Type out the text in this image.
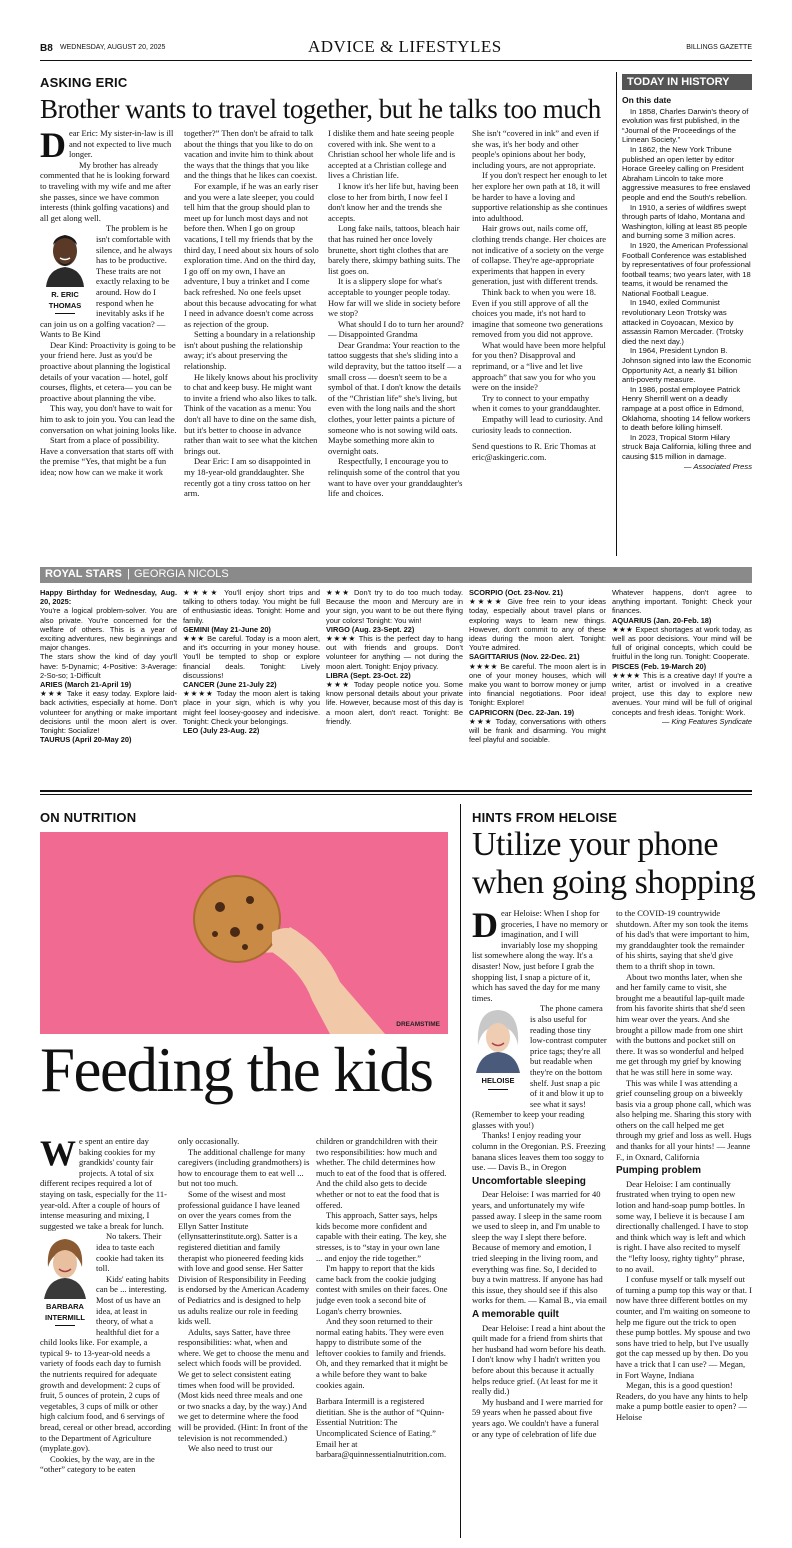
B8 WEDNESDAY, AUGUST 20, 2025	ADVICE & LIFESTYLES	BILLINGS GAZETTE
ASKING ERIC
Brother wants to travel together, but he talks too much
D ear Eric: My sister-in-law is ill and not expected to live much longer.

My brother has already commented that he is looking forward to traveling with my wife and me after she passes, since we have common interests (think golfing vacations) and all get along well.

R. ERIC THOMAS

The problem is he isn't comfortable with silence, and he always has to be productive. These traits are not exactly relaxing to be around. How do I respond when he inevitably asks if he can join us on a golfing vacation? — Wants to Be Kind

Dear Kind: Proactivity is going to be your friend here. Just as you'd be proactive about planning the logistical details of your vacation — hotel, golf courses, flights, et cetera— you can be proactive about planning the vibe.

This way, you don't have to wait for him to ask to join you. You can lead the conversation on what joining looks like.

Start from a place of possibility. Have a conversation that starts off with the premise “Yes, that might be a fun idea; now how can we make it work

together?” Then don't be afraid to talk about the things that you like to do on vacation and invite him to think about the ways that the things that you like and the things that he likes can coexist.

For example, if he was an early riser and you were a late sleeper, you could tell him that the group should plan to meet up for lunch most days and not before then. When I go on group vacations, I tell my friends that by the third day, I need about six hours of solo exploration time. And on the third day, I go off on my own, I have an adventure, I buy a trinket and I come back refreshed. No one feels upset about this because advocating for what I need in advance doesn't come across as rejection of the group.

Setting a boundary in a relationship isn't about pushing the relationship away; it's about preserving the relationship.

He likely knows about his proclivity to chat and keep busy. He might want to invite a friend who also likes to talk. Think of the vacation as a menu: You don't all have to dine on the same dish, but it's better to choose in advance rather than wait to see what the kitchen brings out.

Dear Eric: I am so disappointed in my 18-year-old granddaughter. She recently got a tiny cross tattoo on her arm.

I dislike them and hate seeing people covered with ink. She went to a Christian school her whole life and is accepted at a Christian college and lives a Christian life.

I know it's her life but, having been close to her from birth, I now feel I don't know her and the trends she accepts.

Long fake nails, tattoos, bleach hair that has ruined her once lovely brunette, short tight clothes that are barely there, skimpy bathing suits. The list goes on.

It is a slippery slope for what's acceptable to younger people today. How far will we slide in society before we stop?

What should I do to turn her around? — Disappointed Grandma

Dear Grandma: Your reaction to the tattoo suggests that she's sliding into a wild depravity, but the tattoo itself — a small cross — doesn't seem to be a symbol of that. I don't know the details of the “Christian life” she's living, but even with the long nails and the short clothes, your letter paints a picture of someone who is not sowing wild oats. Maybe something more akin to overnight oats.

Respectfully, I encourage you to relinquish some of the control that you want to have over your granddaughter's life and choices.

She isn't “covered in ink” and even if she was, it's her body and other people's opinions about her body, including yours, are not appropriate.

If you don't respect her enough to let her explore her own path at 18, it will be harder to have a loving and supportive relationship as she continues into adulthood.

Hair grows out, nails come off, clothing trends change. Her choices are not indicative of a society on the verge of collapse. They're age-appropriate experiments that happen in every generation, just with different trends.

Think back to when you were 18. Even if you still approve of all the choices you made, it's not hard to imagine that someone two generations removed from you did not approve.

What would have been more helpful for you then? Disapproval and reprimand, or a “live and let live approach” that saw you for who you were on the inside?

Try to connect to your empathy when it comes to your granddaughter.

Empathy will lead to curiosity. And curiosity leads to connection.

Send questions to R. Eric Thomas at eric@askingeric.com.

TODAY IN HISTORY
On this date

In 1858, Charles Darwin's theory of evolution was first published, in the “Journal of the Proceedings of the Linnean Society.”

In 1862, the New York Tribune published an open letter by editor Horace Greeley calling on President Abraham Lincoln to take more aggressive measures to free enslaved people and end the South's rebellion.

In 1910, a series of wildfires swept through parts of Idaho, Montana and Washington, killing at least 85 people and burning some 3 million acres.

In 1920, the American Professional Football Conference was established by representatives of four professional football teams; two years later, with 18 teams, it would be renamed the National Football League.

In 1940, exiled Communist revolutionary Leon Trotsky was attacked in Coyoacan, Mexico by assassin Ramon Mercader. (Trotsky died the next day.)

In 1964, President Lyndon B. Johnson signed into law the Economic Opportunity Act, a nearly $1 billion anti-poverty measure.

In 1986, postal employee Patrick Henry Sherrill went on a deadly rampage at a post office in Edmond, Oklahoma, shooting 14 fellow workers to death before killing himself.

In 2023, Tropical Storm Hilary struck Baja California, killing three and causing $15 million in damage.

— Associated Press
ROYAL STARS | GEORGIA NICOLS

Happy Birthday for Wednesday, Aug. 20, 2025:

You're a logical problem-solver. You are also private. You're concerned for the welfare of others. This is a year of exciting adventures, new beginnings and major changes.

The stars show the kind of day you'll have: 5-Dynamic; 4-Positive: 3-Average: 2-So-so; 1-Difficult

ARIES (March 21-April 19)

★★★ Take it easy today. Explore laid-back activities, especially at home. Don't volunteer for anything or make important decisions until the moon alert is over. Tonight: Socialize!

TAURUS (April 20-May 20)

★★★★ You'll enjoy short trips and talking to others today. You might be full of enthusiastic ideas. Tonight: Home and family.

GEMINI (May 21-June 20)

★★★ Be careful. Today is a moon alert, and it's occurring in your money house. You'll be tempted to shop or explore financial deals. Tonight: Lively discussions!

CANCER (June 21-July 22)

★★★★ Today the moon alert is taking place in your sign, which is why you might feel loosey-goosey and indecisive. Tonight: Check your belongings.

LEO (July 23-Aug. 22)

★★★ Don't try to do too much today. Because the moon and Mercury are in your sign, you want to be out there flying your colors! Tonight: You win!

VIRGO (Aug. 23-Sept. 22)

★★★★ This is the perfect day to hang out with friends and groups. Don't volunteer for anything — not during the moon alert. Tonight: Enjoy privacy.

LIBRA (Sept. 23-Oct. 22)

★★★ Today people notice you. Some know personal details about your private life. However, because most of this day is a moon alert, don't react. Tonight: Be friendly.

SCORPIO (Oct. 23-Nov. 21)

★★★★ Give free rein to your ideas today, especially about travel plans or exploring ways to learn new things. However, don't commit to any of these ideas during the moon alert. Tonight: You're admired.

SAGITTARIUS (Nov. 22-Dec. 21)

★★★★ Be careful. The moon alert is in one of your money houses, which will make you want to borrow money or jump into financial negotiations. Poor idea! Tonight: Explore!

CAPRICORN (Dec. 22-Jan. 19)

★★★ Today, conversations with others will be frank and disarming. You might feel playful and sociable.

Whatever happens, don't agree to anything important. Tonight: Check your finances.

AQUARIUS (Jan. 20-Feb. 18)

★★★ Expect shortages at work today, as well as poor decisions. Your mind will be full of original concepts, which could be fruitful in the long run. Tonight: Cooperate.

PISCES (Feb. 19-March 20)

★★★★ This is a creative day! If you're a writer, artist or involved in a creative project, use this day to explore new avenues. Your mind will be full of original concepts and fresh ideas. Tonight: Work.

— King Features Syndicate

ON NUTRITION
DREAMSTIME
Feeding the kids
W e spent an entire day baking cookies for my grandkids' county fair projects. A total of six different recipes required a lot of staying on task, especially for the 11-year-old. After a couple of hours of intense measuring and mixing, I suggested we take a break for lunch.

BARBARA INTERMILL

No takers. Their idea to taste each cookie had taken its toll.

Kids' eating habits can be ... interesting. Most of us have an idea, at least in theory, of what a healthful diet for a child looks like. For example, a typical 9- to 13-year-old needs a variety of foods each day to furnish the nutrients required for adequate growth and development: 2 cups of fruit, 5 ounces of protein, 2 cups of vegetables, 3 cups of milk or other high calcium food, and 6 servings of bread, cereal or other bread, according to the Department of Agriculture (myplate.gov).

Cookies, by the way, are in the “other” category to be eaten

only occasionally.

The additional challenge for many caregivers (including grandmothers) is how to encourage them to eat well ... but not too much.

Some of the wisest and most professional guidance I have leaned on over the years comes from the Ellyn Satter Institute (ellynsatterinstitute.org). Satter is a registered dietitian and family therapist who pioneered feeding kids with love and good sense. Her Satter Division of Responsibility in Feeding is endorsed by the American Academy of Pediatrics and is designed to help us adults realize our role in feeding kids well.

Adults, says Satter, have three responsibilities: what, when and where. We get to choose the menu and select which foods will be provided. We get to select consistent eating times when food will be provided. (Most kids need three meals and one or two snacks a day, by the way.) And we get to determine where the food will be provided. (Hint: In front of the television is not recommended.)

We also need to trust our

children or grandchildren with their two responsibilities: how much and whether. The child determines how much to eat of the food that is offered. And the child also gets to decide whether or not to eat the food that is offered.

This approach, Satter says, helps kids become more confident and capable with their eating. The key, she stresses, is to “stay in your own lane ... and enjoy the ride together.”

I'm happy to report that the kids came back from the cookie judging contest with smiles on their faces. One judge even took a second bite of Logan's cherry brownies.

And they soon returned to their normal eating habits. They were even happy to distribute some of the leftover cookies to family and friends. Oh, and they remarked that it might be a while before they want to bake cookies again.

Barbara Intermill is a registered dietitian. She is the author of “Quinn-Essential Nutrition: The Uncomplicated Science of Eating.” Email her at barbara@quinnessentialnutrition.com.

HINTS FROM HELOISE
Utilize your phone
when going shopping
D ear Heloise: When I shop for groceries, I have no memory or imagination, and I will invariably lose my shopping list somewhere along the way. It's a disaster! Now, just before I grab the shopping list, I snap a picture of it, which has saved the day for me many times.

HELOISE

The phone camera is also useful for reading those tiny low-contrast computer price tags; they're all but readable when they're on the bottom shelf. Just snap a pic of it and blow it up to see what it says! (Remember to keep your reading glasses with you!)

Thanks! I enjoy reading your column in the Oregonian. P.S. Freezing banana slices leaves them too soggy to use. — Davis B., in Oregon

Uncomfortable sleeping

Dear Heloise: I was married for 40 years, and unfortunately my wife passed away. I sleep in the same room we used to sleep in, and I'm unable to sleep the way I slept there before. Because of memory and emotion, I tried sleeping in the living room, and everything was fine. So, I decided to buy a twin mattress. If anyone has had this issue, they should see if this also works for them. — Kamal B., via email

A memorable quilt

Dear Heloise: I read a hint about the quilt made for a friend from shirts that her husband had worn before his death. I don't know why I hadn't written you before about this because it actually helps reduce grief. (At least for me it really did.)

My husband and I were married for 59 years when he passed about five years ago. We couldn't have a funeral or any type of celebration of life due

to the COVID-19 countrywide shutdown. After my son took the items of his dad's that were important to him, my granddaughter took the remainder of his shirts, saying that she'd give them to a thrift shop in town.

About two months later, when she and her family came to visit, she brought me a beautiful lap-quilt made from his favorite shirts that she'd seen him wear over the years. And she brought a pillow made from one shirt with the buttons and pocket still on there. It was so wonderful and helped me get through my grief by knowing that he was still here in some way.

This was while I was attending a grief counseling group on a biweekly basis via a group phone call, which was also helping me. Sharing this story with others on the call helped me get through my grief and loss as well. Hugs and thanks for all your hints! — Jeanne F., in Oxnard, California

Pumping problem

Dear Heloise: I am continually frustrated when trying to open new lotion and hand-soap pump bottles. In some way, I believe it is because I am directionally challenged. I have to stop and think which way is left and which is right. I have also recited to myself the “lefty loosy, righty tighty” phrase, to no avail.

I confuse myself or talk myself out of turning a pump top this way or that. I now have three different bottles on my counter, and I'm waiting on someone to help me figure out the trick to open these pump bottles. My spouse and two sons have tried to help, but I've usually got the cap messed up by then. Do you have a trick that I can use? — Megan, in Fort Wayne, Indiana

Megan, this is a good question! Readers, do you have any hints to help make a pump bottle easier to open? — Heloise
